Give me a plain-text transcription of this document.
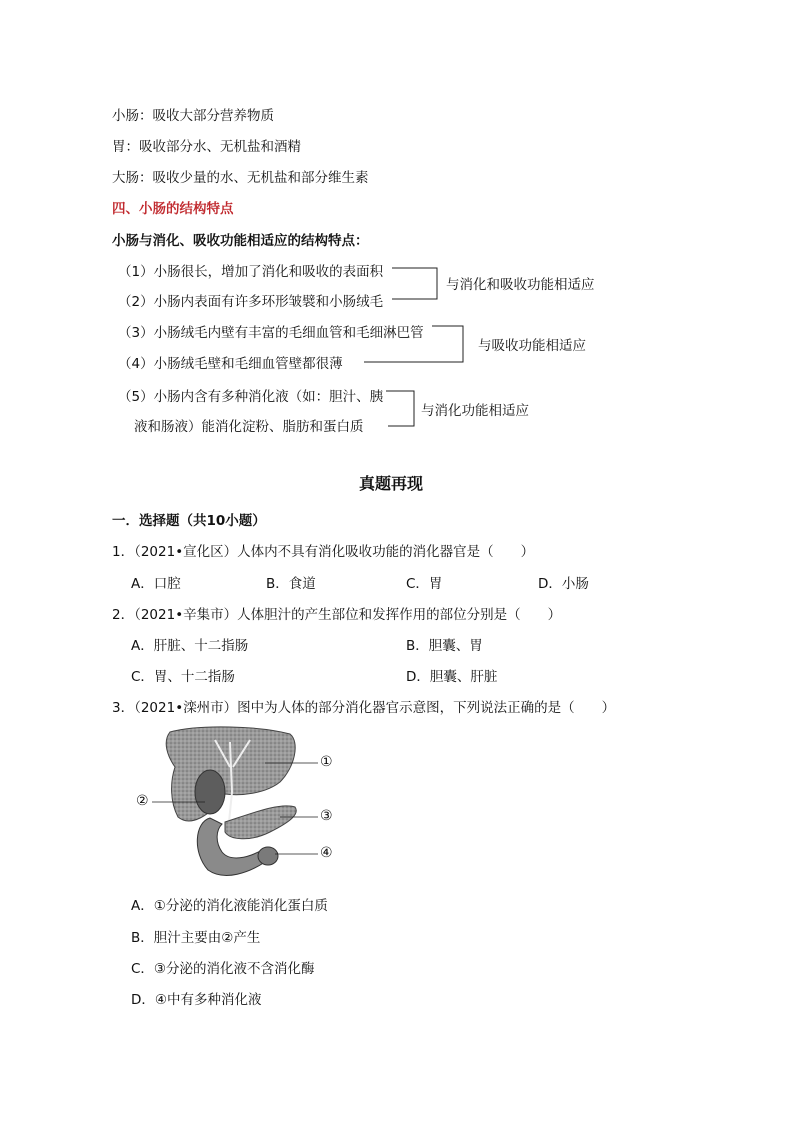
小肠：吸收大部分营养物质
胃：吸收部分水、无机盐和酒精
大肠：吸收少量的水、无机盐和部分维生素
四、小肠的结构特点
小肠与消化、吸收功能相适应的结构特点：
（1）小肠很长，增加了消化和吸收的表面积
（2）小肠内表面有许多环形皱襞和小肠绒毛
（3）小肠绒毛内壁有丰富的毛细血管和毛细淋巴管
（4）小肠绒毛壁和毛细血管壁都很薄
（5）小肠内含有多种消化液（如：胆汁、胰
液和肠液）能消化淀粉、脂肪和蛋白质
与消化和吸收功能相适应
与吸收功能相适应
与消化功能相适应
真题再现
一．选择题（共10小题）
1．（2021•宣化区）人体内不具有消化吸收功能的消化器官是（　　）
A．口腔	B．食道	C．胃	D．小肠
2．（2021•辛集市）人体胆汁的产生部位和发挥作用的部位分别是（　　）
A．肝脏、十二指肠	B．胆囊、胃
C．胃、十二指肠	D．胆囊、肝脏
3．（2021•滦州市）图中为人体的部分消化器官示意图，下列说法正确的是（　　）
①
②
③
④
A．①分泌的消化液能消化蛋白质
B．胆汁主要由②产生
C．③分泌的消化液不含消化酶
D．④中有多种消化液
